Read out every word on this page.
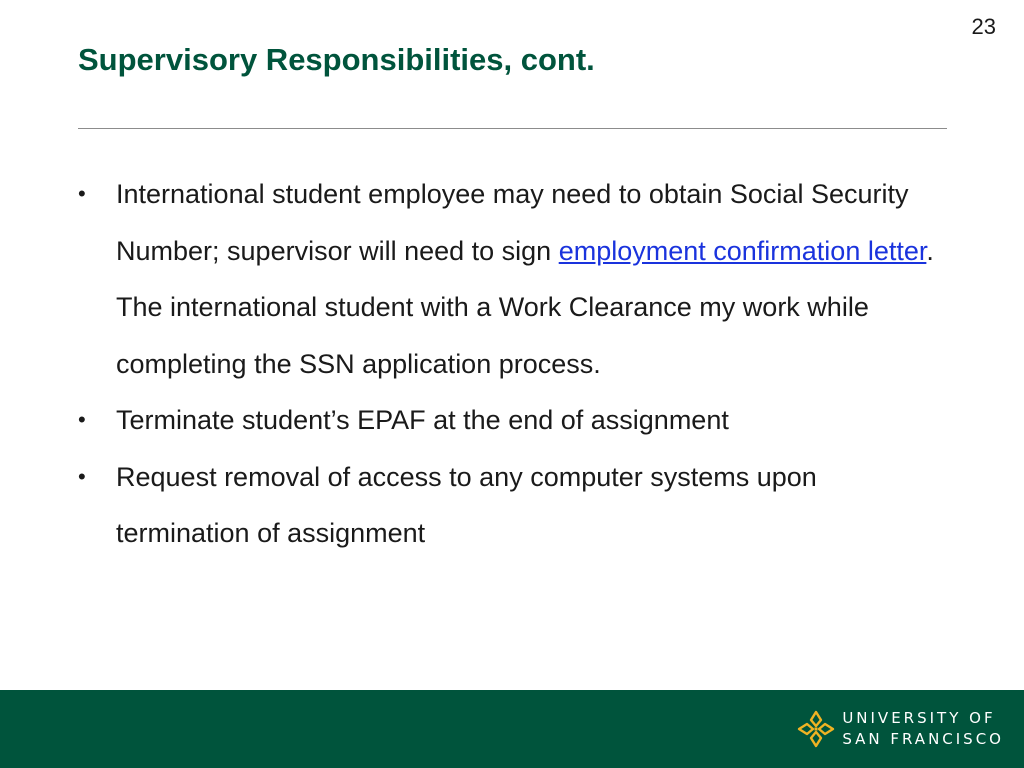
23
Supervisory Responsibilities, cont.
• International student employee may need to obtain Social Security Number; supervisor will need to sign employment confirmation letter. The international student with a Work Clearance my work while completing the SSN application process.
• Terminate student’s EPAF at the end of assignment
• Request removal of access to any computer systems upon termination of assignment
UNIVERSITY OF
SAN FRANCISCO
